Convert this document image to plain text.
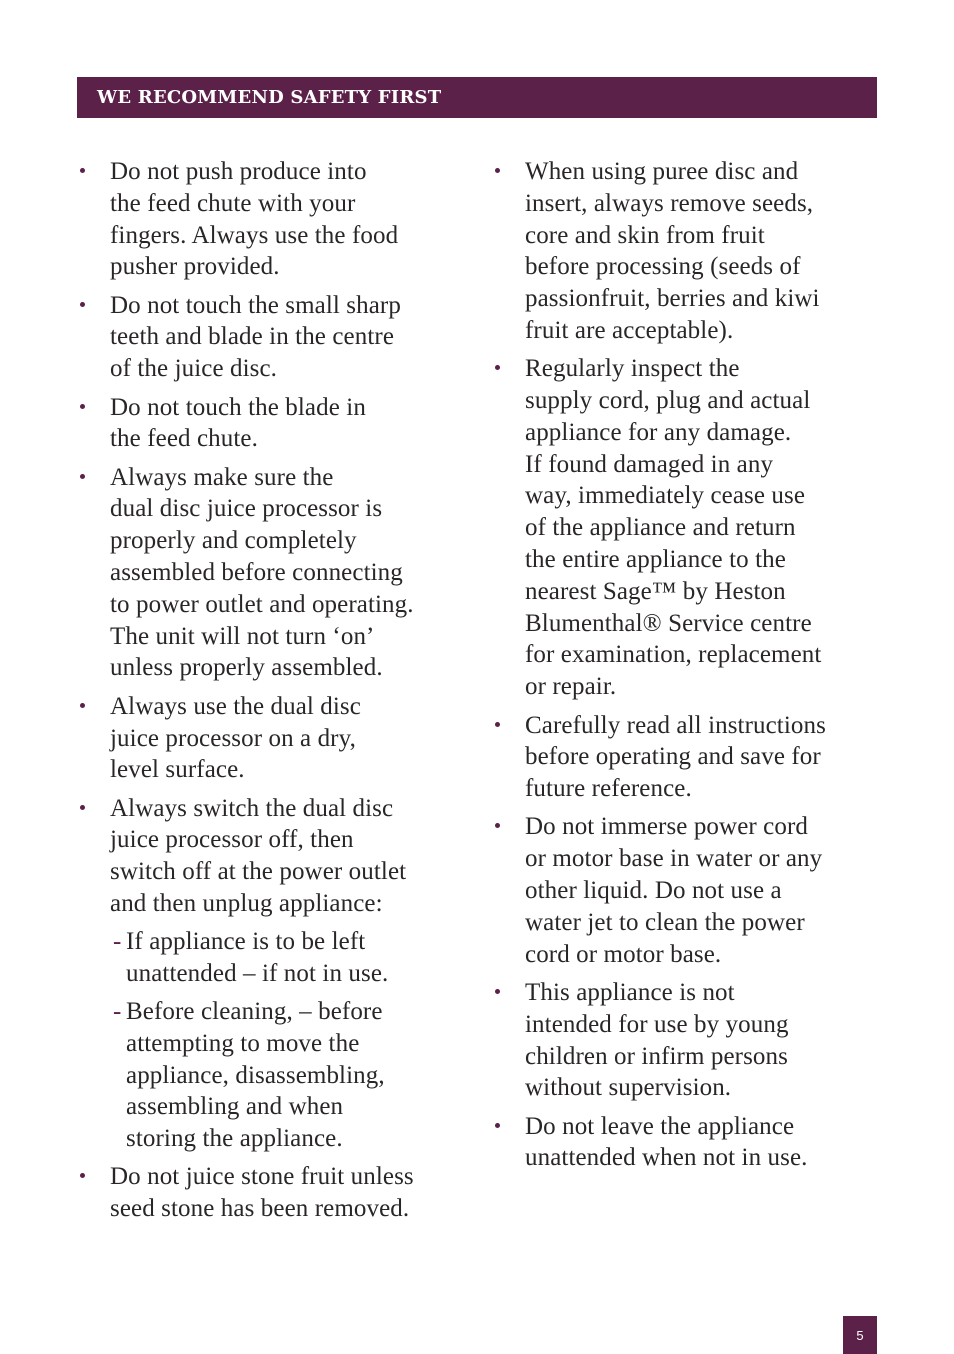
WE RECOMMEND SAFETY FIRST
Do not push produce into
the feed chute with your
fingers. Always use the food
pusher provided.
Do not touch the small sharp
teeth and blade in the centre
of the juice disc.
Do not touch the blade in
the feed chute.
Always make sure the
dual disc juice processor is
properly and completely
assembled before connecting
to power outlet and operating.
The unit will not turn ‘on’
unless properly assembled.
Always use the dual disc
juice processor on a dry,
level surface.
Always switch the dual disc
juice processor off, then
switch off at the power outlet
and then unplug appliance:
- If appliance is to be left
unattended – if not in use.
- Before cleaning, – before
attempting to move the
appliance, disassembling,
assembling and when
storing the appliance.
Do not juice stone fruit unless
seed stone has been removed.
When using puree disc and
insert, always remove seeds,
core and skin from fruit
before processing (seeds of
passionfruit, berries and kiwi
fruit are acceptable).
Regularly inspect the
supply cord, plug and actual
appliance for any damage.
If found damaged in any
way, immediately cease use
of the appliance and return
the entire appliance to the
nearest Sage™ by Heston
Blumenthal® Service centre
for examination, replacement
or repair.
Carefully read all instructions
before operating and save for
future reference.
Do not immerse power cord
or motor base in water or any
other liquid. Do not use a
water jet to clean the power
cord or motor base.
This appliance is not
intended for use by young
children or infirm persons
without supervision.
Do not leave the appliance
unattended when not in use.
5
